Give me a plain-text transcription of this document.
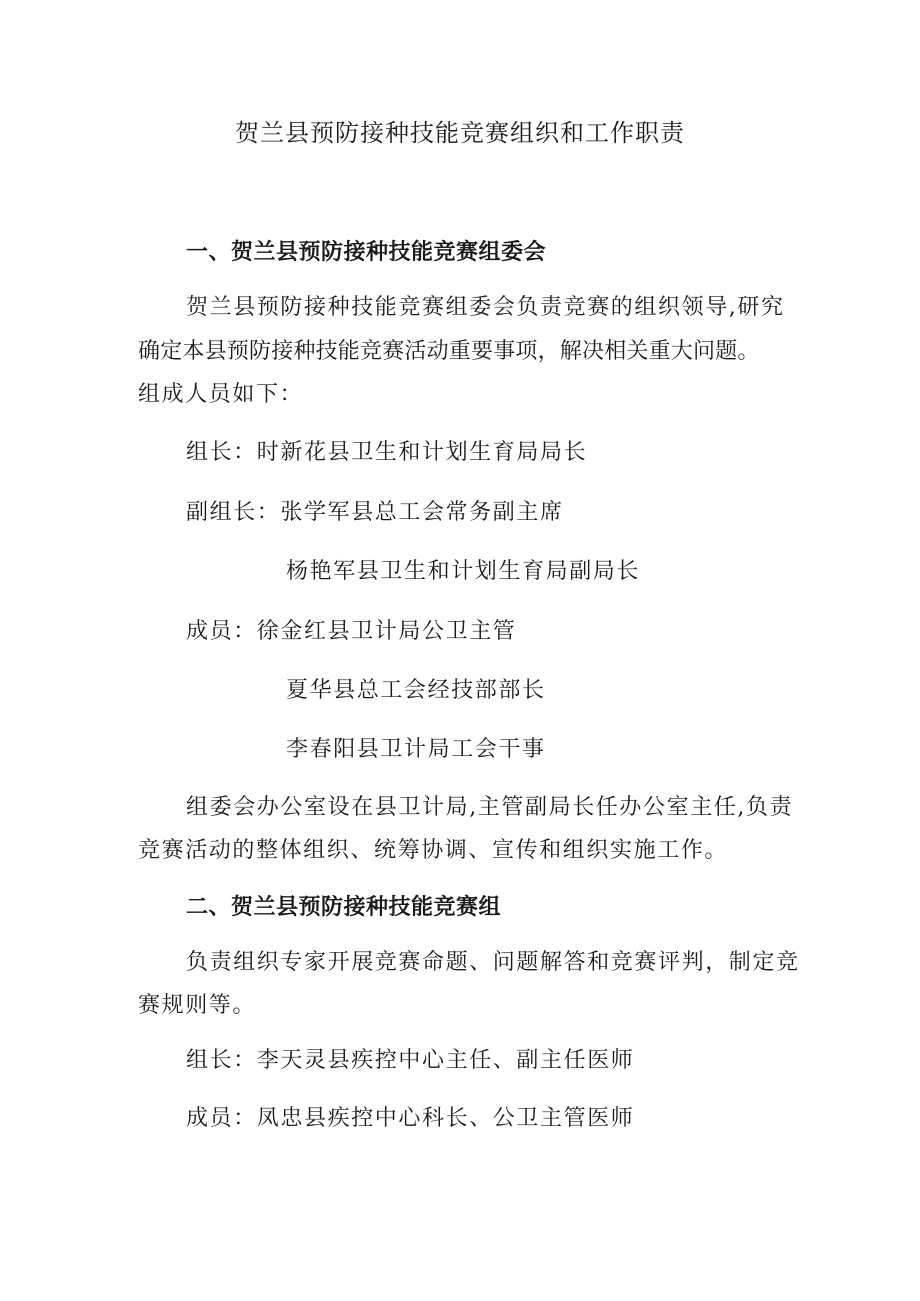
贺兰县预防接种技能竞赛组织和工作职责
一、贺兰县预防接种技能竞赛组委会
贺兰县预防接种技能竞赛组委会负责竞赛的组织领导,研究
确定本县预防接种技能竞赛活动重要事项，解决相关重大问题。
组成人员如下：
组长：时新花县卫生和计划生育局局长
副组长：张学军县总工会常务副主席
杨艳军县卫生和计划生育局副局长
成员：徐金红县卫计局公卫主管
夏华县总工会经技部部长
李春阳县卫计局工会干事
组委会办公室设在县卫计局,主管副局长任办公室主任,负责
竞赛活动的整体组织、统筹协调、宣传和组织实施工作。
二、贺兰县预防接种技能竞赛组
负责组织专家开展竞赛命题、问题解答和竞赛评判，制定竞
赛规则等。
组长：李天灵县疾控中心主任、副主任医师
成员：凤忠县疾控中心科长、公卫主管医师
